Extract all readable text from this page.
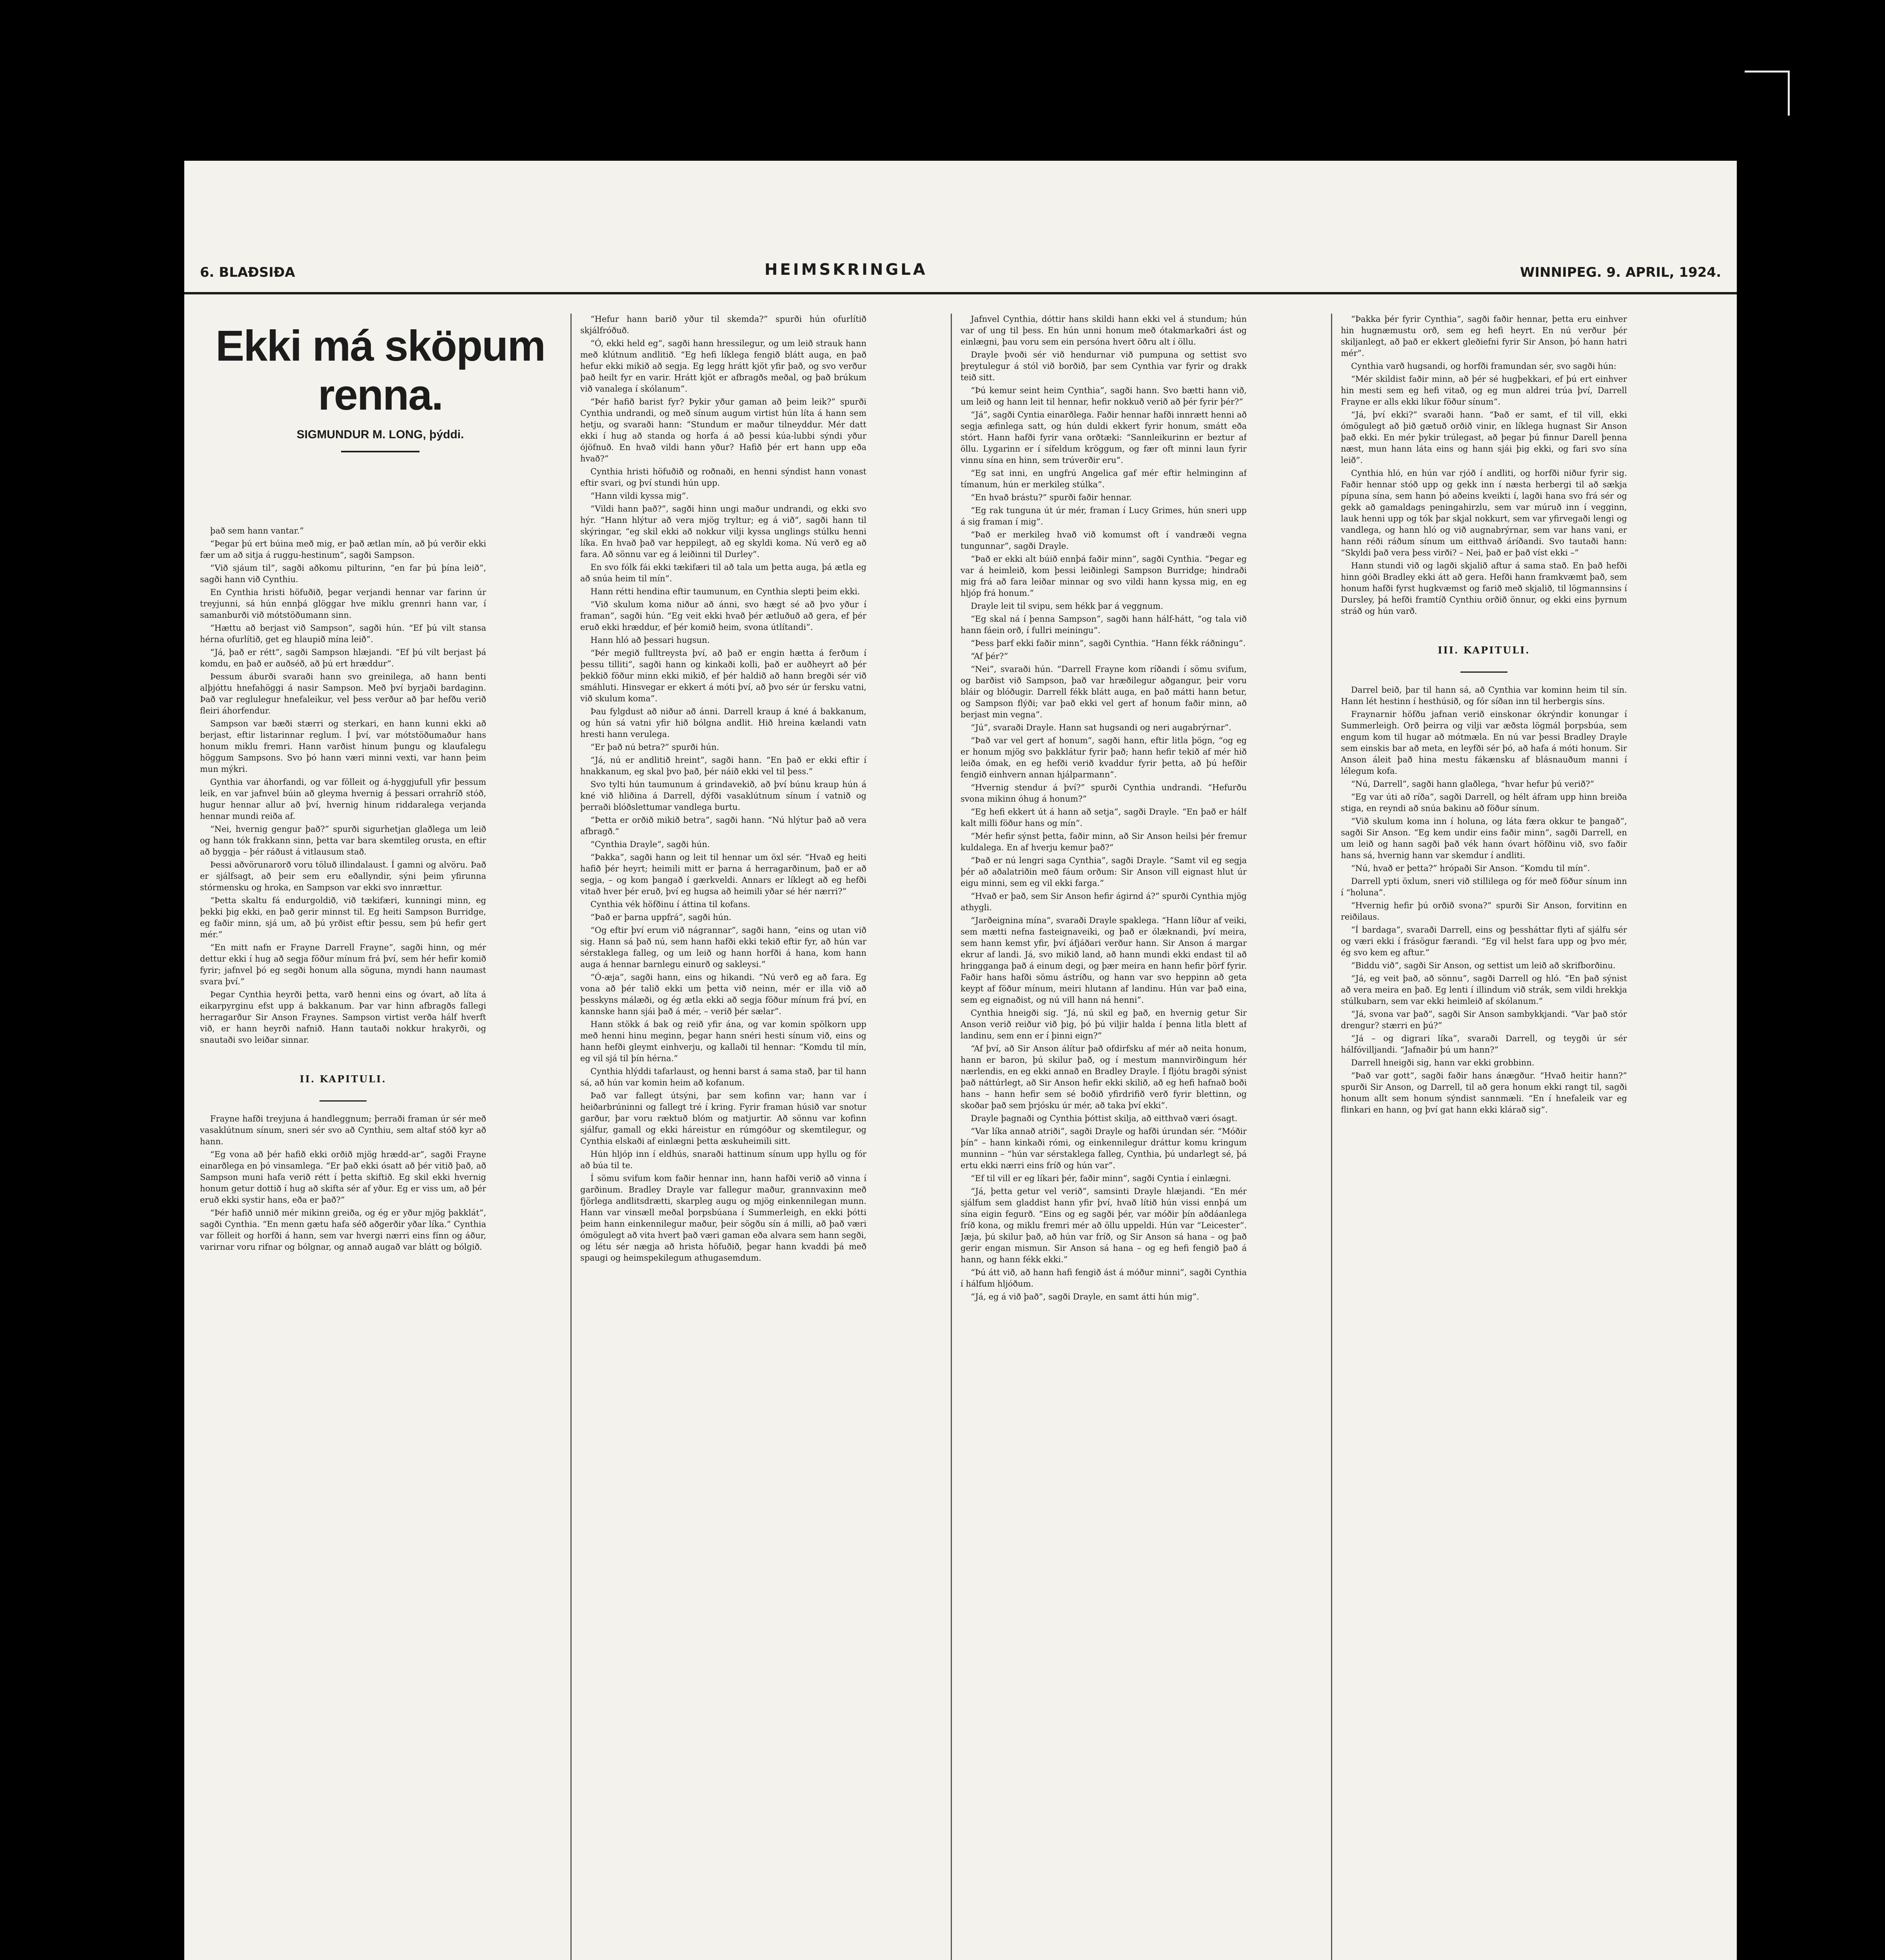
6. BLAÐSIÐA	HEIMSKRINGLA	WINNIPEG. 9. APRIL, 1924.
Ekki má sköpum
renna.
SIGMUNDUR M. LONG, þýddi.

það sem hann vantar.”

“Þegar þú ert búina með mig, er það ætlan mín, að þú verðir ekki fær um að sitja á ruggu-hestinum”, sagði Sampson.

“Við sjáum til”, sagði aðkomu pilturinn, “en far þú þína leið”, sagði hann við Cynthiu.

En Cynthia hristi höfuðið, þegar verjandi hennar var farinn úr treyjunni, sá hún ennþá glöggar hve miklu grennri hann var, í samanburði við mótstöðumann sinn.

“Hættu að berjast við Sampson”, sagði hún. “Ef þú vilt stansa hérna ofurlítið, get eg hlaupið mína leið”.

“Já, það er rétt”, sagði Sampson hlæjandi. “Ef þú vilt berjast þá komdu, en það er auðséð, að þú ert hræddur”.

Þessum áburði svaraði hann svo greinilega, að hann benti alþjóttu hnefahöggi á nasir Sampson. Með því byrjaði bardaginn. Það var reglulegur hnefaleikur, vel þess verður að þar hefðu verið fleiri áhorfendur.

Sampson var bæði stærri og sterkari, en hann kunni ekki að berjast, eftir listarinnar reglum. Í því, var mótstöðumaður hans honum miklu fremri. Hann varðist hinum þungu og klaufalegu höggum Sampsons. Svo þó hann væri minni vexti, var hann þeim mun mýkri.

Gynthia var áhorfandi, og var fölleit og á-hyggjufull yfir þessum leik, en var jafnvel búin að gleyma hvernig á þessari orrahríð stóð, hugur hennar allur að því, hvernig hinum riddaralega verjanda hennar mundi reiða af.

“Nei, hvernig gengur það?” spurði sigurhetjan glaðlega um leið og hann tók frakkann sinn, þetta var bara skemtileg orusta, en eftir að byggja – þér ráðust á vitlausum stað.

Þessi aðvörunarorð voru töluð illindalaust. Í gamni og alvöru. Það er sjálfsagt, að þeir sem eru eðallyndir, sýni þeim yfirunna stórmensku og hroka, en Sampson var ekki svo innrættur.

“Þetta skaltu fá endurgoldið, við tækifæri, kunningi minn, eg þekki þig ekki, en það gerir minnst til. Eg heiti Sampson Burridge, eg faðir minn, sjá um, að þú yrðist eftir þessu, sem þú hefir gert mér.”

“En mitt nafn er Frayne Darrell Frayne”, sagði hinn, og mér dettur ekki í hug að segja föður mínum frá því, sem hér hefir komið fyrir; jafnvel þó eg segði honum alla söguna, myndi hann naumast svara því.”

Þegar Cynthia heyrði þetta, varð henni eins og óvart, að líta á eikarpyrginu efst upp á bakkanum. Þar var hinn afbragðs fallegi herragarður Sir Anson Fraynes. Sampson virtist verða hálf hverft við, er hann heyrði nafnið. Hann tautaði nokkur hrakyrði, og snautaði svo leiðar sinnar.

II. KAPITULI.

Frayne hafði treyjuna á handleggnum; þerraði framan úr sér með vasaklútnum sínum, sneri sér svo að Cynthiu, sem altaf stóð kyr að hann.

“Eg vona að þér hafið ekki orðið mjög hrædd-ar”, sagði Frayne einarðlega en þó vinsamlega. “Er það ekki ósatt að þér vitið það, að Sampson muni hafa verið rétt í þetta skiftið. Eg skil ekki hvernig honum getur dottið í hug að skifta sér af yður. Eg er viss um, að þér eruð ekki systir hans, eða er það?”

“Þér hafið unnið mér mikinn greiða, og ég er yður mjög þakklát”, sagði Cynthia. “En menn gætu hafa séð aðgerðir yðar líka.” Cynthia var fölleit og horfði á hann, sem var hvergi nærri eins fínn og áður, varirnar voru rifnar og bólgnar, og annað augað var blátt og bólgið.

“Hefur hann barið yður til skemda?” spurði hún ofurlítið skjálfróðuð.

“Ó, ekki held eg”, sagði hann hressilegur, og um leið strauk hann með klútnum andlitið. “Eg hefi líklega fengið blátt auga, en það hefur ekki mikið að segja. Eg legg hrátt kjöt yfir það, og svo verður það heilt fyr en varir. Hrátt kjöt er afbragðs meðal, og það brúkum við vanalega í skólanum”.

“Þér hafið barist fyr? Þykir yður gaman að þeim leik?” spurði Cynthia undrandi, og með sínum augum virtist hún líta á hann sem hetju, og svaraði hann: “Stundum er maður tilneyddur. Mér datt ekki í hug að standa og horfa á að þessi kúa-lubbi sýndi yður ójöfnuð. En hvað vildi hann yður? Hafið þér ert hann upp eða hvað?”

Cynthia hristi höfuðið og roðnaði, en henni sýndist hann vonast eftir svari, og því stundi hún upp.

“Hann vildi kyssa mig”.

“Vildi hann það?”, sagði hinn ungi maður undrandi, og ekki svo hýr. “Hann hlýtur að vera mjög tryltur; eg á við”, sagði hann til skýringar, “eg skil ekki að nokkur vilji kyssa unglings stúlku henni líka. En hvað það var heppilegt, að eg skyldi koma. Nú verð eg að fara. Að sönnu var eg á leiðinni til Durley”.

En svo fólk fái ekki tækifæri til að tala um þetta auga, þá ætla eg að snúa heim til mín”.

Hann rétti hendina eftir taumunum, en Cynthia slepti þeim ekki.

“Við skulum koma niður að ánni, svo hægt sé að þvo yður í framan”, sagði hún. “Eg veit ekki hvað þér ætluðuð að gera, ef þér eruð ekki hræddur, ef þér komið heim, svona útlítandi”.

Hann hló að þessari hugsun.

“Þér megið fulltreysta því, að það er engin hætta á ferðum í þessu tilliti”, sagði hann og kinkaði kolli, það er auðheyrt að þér þekkið föður minn ekki mikið, ef þér haldið að hann bregði sér við smáhluti. Hinsvegar er ekkert á móti því, að þvo sér úr fersku vatni, við skulum koma”.

Þau fylgdust að niður að ánni. Darrell kraup á kné á bakkanum, og hún sá vatni yfir hið bólgna andlit. Hið hreina kælandi vatn hresti hann verulega.

“Er það nú betra?” spurði hún.

“Já, nú er andlitið hreint”, sagði hann. “En það er ekki eftir í hnakkanum, eg skal þvo það, þér náið ekki vel til þess.”

Svo tylti hún taumunum á grindavekið, að því búnu kraup hún á kné við hliðina á Darrell, dýfði vasaklútnum sínum í vatnið og þerraði blóðslettumar vandlega burtu.

“Þetta er orðið mikið betra”, sagði hann. “Nú hlýtur það að vera afbragð.”

“Cynthia Drayle”, sagði hún.

“Þakka”, sagði hann og leit til hennar um öxl sér. “Hvað eg heiti hafið þér heyrt; heimili mitt er þarna á herragarðinum, það er að segja, – og kom þangað í gærkveldi. Annars er líklegt að eg hefði vitað hver þér eruð, því eg hugsa að heimili yðar sé hér nærri?”

Cynthia vék höfðinu í áttina til kofans.

“Það er þarna uppfrá”, sagði hún.

“Og eftir því erum við nágrannar”, sagði hann, “eins og utan við sig. Hann sá það nú, sem hann hafði ekki tekið eftir fyr, að hún var sérstaklega falleg, og um leið og hann horfði á hana, kom hann auga á hennar barnlegu einurð og sakleysi.”

“Ó-æja”, sagði hann, eins og hikandi. “Nú verð eg að fara. Eg vona að þér talið ekki um þetta við neinn, mér er illa við að þesskyns málæði, og ég ætla ekki að segja föður mínum frá því, en kannske hann sjái það á mér, – verið þér sælar”.

Hann stökk á bak og reið yfir ána, og var komin spölkorn upp með henni hinu meginn, þegar hann snéri hesti sínum við, eins og hann hefði gleymt einhverju, og kallaði til hennar: “Komdu til mín, eg vil sjá til þín hérna.”

Cynthia hlýddi tafarlaust, og henni barst á sama stað, þar til hann sá, að hún var komin heim að kofanum.

Það var fallegt útsýni, þar sem kofinn var; hann var í heiðarbrúninni og fallegt tré í kring. Fyrir framan húsið var snotur garður, þar voru ræktuð blóm og matjurtir. Að sönnu var kofinn sjálfur, gamall og ekki háreistur en rúmgóður og skemtilegur, og Cynthia elskaði af einlægni þetta æskuheimili sitt.

Hún hljóp inn í eldhús, snaraði hattinum sínum upp hyllu og fór að búa til te.

Í sömu svifum kom faðir hennar inn, hann hafði verið að vinna í garðinum. Bradley Drayle var fallegur maður, grannvaxinn með fjörlega andlitsdrætti, skarpleg augu og mjög einkennilegan munn. Hann var vinsæll meðal þorpsbúana í Summerleigh, en ekki þótti þeim hann einkennilegur maður, þeir sögðu sín á milli, að það væri ómögulegt að vita hvert það væri gaman eða alvara sem hann segði, og létu sér nægja að hrista höfuðið, þegar hann kvaddi þá með spaugi og heimspekilegum athugasemdum.

Jafnvel Cynthia, dóttir hans skildi hann ekki vel á stundum; hún var of ung til þess. En hún unni honum með ótakmarkaðri ást og einlægni, þau voru sem ein persóna hvert öðru alt í öllu.

Drayle þvoði sér við hendurnar við pumpuna og settist svo þreytulegur á stól við borðið, þar sem Cynthia var fyrir og drakk teið sitt.

“Þú kemur seint heim Cynthia”, sagði hann. Svo bætti hann við, um leið og hann leit til hennar, hefir nokkuð verið að þér fyrir þér?”

“Já”, sagði Cyntia einarðlega. Faðir hennar hafði innrætt henni að segja æfinlega satt, og hún duldi ekkert fyrir honum, smátt eða stórt. Hann hafði fyrir vana orðtæki: “Sannleikurinn er beztur af öllu. Lygarinn er í sífeldum kröggum, og fær oft minni laun fyrir vinnu sína en hinn, sem trúverðir eru”.

“Eg sat inni, en ungfrú Angelica gaf mér eftir helminginn af tímanum, hún er merkileg stúlka”.

“En hvað brástu?” spurði faðir hennar.

“Eg rak tunguna út úr mér, framan í Lucy Grimes, hún sneri upp á sig framan í mig”.

“Það er merkileg hvað við komumst oft í vandræði vegna tungunnar”, sagði Drayle.

“Það er ekki alt búið ennþá faðir minn”, sagði Cynthia. “Þegar eg var á heimleið, kom þessi leiðinlegi Sampson Burridge; hindraði mig frá að fara leiðar minnar og svo vildi hann kyssa mig, en eg hljóp frá honum.”

Drayle leit til svipu, sem hékk þar á veggnum.

“Eg skal ná í þenna Sampson”, sagði hann hálf-hátt, “og tala við hann fáein orð, í fullri meiningu”.

“Þess þarf ekki faðir minn”, sagði Cynthia. “Hann fékk ráðningu”.

“Af þér?”

“Nei”, svaraði hún. “Darrell Frayne kom ríðandi í sömu svifum, og barðist við Sampson, það var hræðilegur aðgangur, þeir voru bláir og blóðugir. Darrell fékk blátt auga, en það mátti hann betur, og Sampson flýði; var það ekki vel gert af honum faðir minn, að berjast min vegna”.

“Jú”, svaraði Drayle. Hann sat hugsandi og neri augabrýrnar”.

“Það var vel gert af honum”, sagði hann, eftir litla þögn, “og eg er honum mjög svo þakklátur fyrir það; hann hefir tekið af mér hið leiða ómak, en eg hefði verið kvaddur fyrir þetta, að þú hefðir fengið einhvern annan hjálparmann”.

“Hvernig stendur á því?” spurði Cynthia undrandi. “Hefurðu svona mikinn óhug á honum?”

“Eg hefi ekkert út á hann að setja”, sagði Drayle. “En það er hálf kalt milli föður hans og mín”.

“Mér hefir sýnst þetta, faðir minn, að Sir Anson heilsi þér fremur kuldalega. En af hverju kemur það?”

“Það er nú lengri saga Cynthia”, sagði Drayle. “Samt vil eg segja þér að aðalatriðin með fáum orðum: Sir Anson vill eignast hlut úr eigu minni, sem eg vil ekki farga.”

“Hvað er það, sem Sir Anson hefir ágirnd á?” spurði Cynthia mjög athygli.

“Jarðeignina mína”, svaraði Drayle spaklega. “Hann líður af veiki, sem mætti nefna fasteignaveiki, og það er ólæknandi, því meira, sem hann kemst yfir, því áfjáðari verður hann. Sir Anson á margar ekrur af landi. Já, svo mikið land, að hann mundi ekki endast til að hringganga það á einum degi, og þær meira en hann hefir þörf fyrir. Faðir hans hafði sömu ástríðu, og hann var svo heppinn að geta keypt af föður mínum, meiri hlutann af landinu. Hún var það eina, sem eg eignaðist, og nú vill hann ná henni”.

Cynthia hneigði sig. “Já, nú skil eg það, en hvernig getur Sir Anson verið reiður við þig, þó þú viljir halda í þenna litla blett af landinu, sem enn er í þinni eign?”

“Af því, að Sir Anson álítur það ofdirfsku af mér að neita honum, hann er baron, þú skilur það, og í mestum mannvirðingum hér nærlendis, en eg ekki annað en Bradley Drayle. Í fljótu bragði sýnist það náttúrlegt, að Sir Anson hefir ekki skilið, að eg hefi hafnað boði hans – hann hefir sem sé boðið yfirdrifið verð fyrir blettinn, og skoðar það sem þrjósku úr mér, að taka því ekki”.

Drayle þagnaði og Cynthia þóttist skilja, að eitthvað væri ósagt.

“Var líka annað atriði”, sagði Drayle og hafði úrundan sér. “Móðir þín” – hann kinkaði rómi, og einkennilegur dráttur komu kringum munninn – “hún var sérstaklega falleg, Cynthia, þú undarlegt sé, þá ertu ekki nærri eins fríð og hún var”.

“Ef til vill er eg líkari þér, faðir minn”, sagði Cyntia í einlægni.

“Já, þetta getur vel verið”, samsinti Drayle hlæjandi. “En mér sjálfum sem gladdist hann yfir því, hvað lítið hún vissi ennþá um sína eigin fegurð. “Eins og eg sagði þér, var móðir þín aðdáanlega fríð kona, og miklu fremri mér að öllu uppeldi. Hún var “Leicester”. Jæja, þú skilur það, að hún var fríð, og Sir Anson sá hana – og það gerir engan mismun. Sir Anson sá hana – og eg hefi fengið það á hann, og hann fékk ekki.”

“Þú átt við, að hann hafi fengið ást á móður minni”, sagði Cynthia í hálfum hljóðum.

“Já, eg á við það”, sagði Drayle, en samt átti hún mig”.

“Þakka þér fyrir Cynthia”, sagði faðir hennar, þetta eru einhver hin hugnæmustu orð, sem eg hefi heyrt. En nú verður þér skiljanlegt, að það er ekkert gleðiefni fyrir Sir Anson, þó hann hatri mér”.

Cynthia varð hugsandi, og horfði framundan sér, svo sagði hún:

“Mér skildist faðir minn, að þér sé hugþekkari, ef þú ert einhver hin mesti sem eg hefi vitað, og eg mun aldrei trúa því, Darrell Frayne er alls ekki líkur föður sínum”.

“Já, því ekki?” svaraði hann. “Það er samt, ef til vill, ekki ómögulegt að þið gætuð orðið vinir, en líklega hugnast Sir Anson það ekki. En mér þykir trúlegast, að þegar þú finnur Darell þenna næst, mun hann láta eins og hann sjái þig ekki, og fari svo sína leið”.

Cynthia hló, en hún var rjóð í andliti, og horfði niður fyrir sig. Faðir hennar stóð upp og gekk inn í næsta herbergi til að sækja pípuna sína, sem hann þó aðeins kveikti í, lagði hana svo frá sér og gekk að gamaldags peningahirzlu, sem var múruð inn í vegginn, lauk henni upp og tók þar skjal nokkurt, sem var yfirvegaði lengi og vandlega, og hann hló og við augnabrýrnar, sem var hans vani, er hann réði ráðum sínum um eitthvað áríðandi. Svo tautaði hann: “Skyldi það vera þess virði? – Nei, það er það víst ekki –”

Hann stundi við og lagði skjalið aftur á sama stað. En það hefði hinn góði Bradley ekki átt að gera. Hefði hann framkvæmt það, sem honum hafði fyrst hugkvæmst og farið með skjalið, til lögmannsins í Dursley, þá hefði framtíð Cynthiu orðið önnur, og ekki eins þyrnum stráð og hún varð.

III. KAPITULI.

Darrel beið, þar til hann sá, að Cynthia var kominn heim til sín. Hann lét hestinn í hesthúsið, og fór síðan inn til herbergis síns.

Fraynarnir höfðu jafnan verið einskonar ókrýndir konungar í Summerleigh. Orð þeirra og vilji var æðsta lögmál þorpsbúa, sem engum kom til hugar að mótmæla. En nú var þessi Bradley Drayle sem einskis bar að meta, en leyfði sér þó, að hafa á móti honum. Sir Anson áleit það hina mestu fákænsku af blásnauðum manni í lélegum kofa.

“Nú, Darrell”, sagði hann glaðlega, “hvar hefur þú verið?”

“Eg var úti að ríða”, sagði Darrell, og hélt áfram upp hinn breiða stiga, en reyndi að snúa bakinu að föður sínum.

“Við skulum koma inn í holuna, og láta færa okkur te þangað”, sagði Sir Anson. “Eg kem undir eins faðir minn”, sagði Darrell, en um leið og hann sagði það vék hann óvart höfðinu við, svo faðir hans sá, hvernig hann var skemdur í andliti.

“Nú, hvað er þetta?” hrópaði Sir Anson. “Komdu til mín”.

Darrell ypti öxlum, sneri við stillilega og fór með föður sínum inn í “holuna”.

“Hvernig hefir þú orðið svona?” spurði Sir Anson, forvitinn en reiðilaus.

“Í bardaga”, svaraði Darrell, eins og þessháttar flyti af sjálfu sér og væri ekki í frásögur færandi. “Eg vil helst fara upp og þvo mér, ég svo kem eg aftur.”

“Biddu við”, sagði Sir Anson, og settist um leið að skrifborðinu.

“Já, eg veit það, að sönnu”, sagði Darrell og hló. “En það sýnist að vera meira en það. Eg lenti í illindum við strák, sem vildi hrekkja stúlkubarn, sem var ekki heimleið af skólanum.”

“Já, svona var það”, sagði Sir Anson sambykkjandi. “Var það stór drengur? stærri en þú?”

“Já – og digrari líka”, svaraði Darrell, og teygði úr sér hálfóvilljandi. “Jafnaðir þú um hann?”

Darrell hneigði sig, hann var ekki grobbinn.

“Það var gott”, sagði faðir hans ánægður. “Hvað heitir hann?” spurði Sir Anson, og Darrell, til að gera honum ekki rangt til, sagði honum allt sem honum sýndist sannmæli. “En í hnefaleik var eg flinkari en hann, og því gat hann ekki klárað sig”.
